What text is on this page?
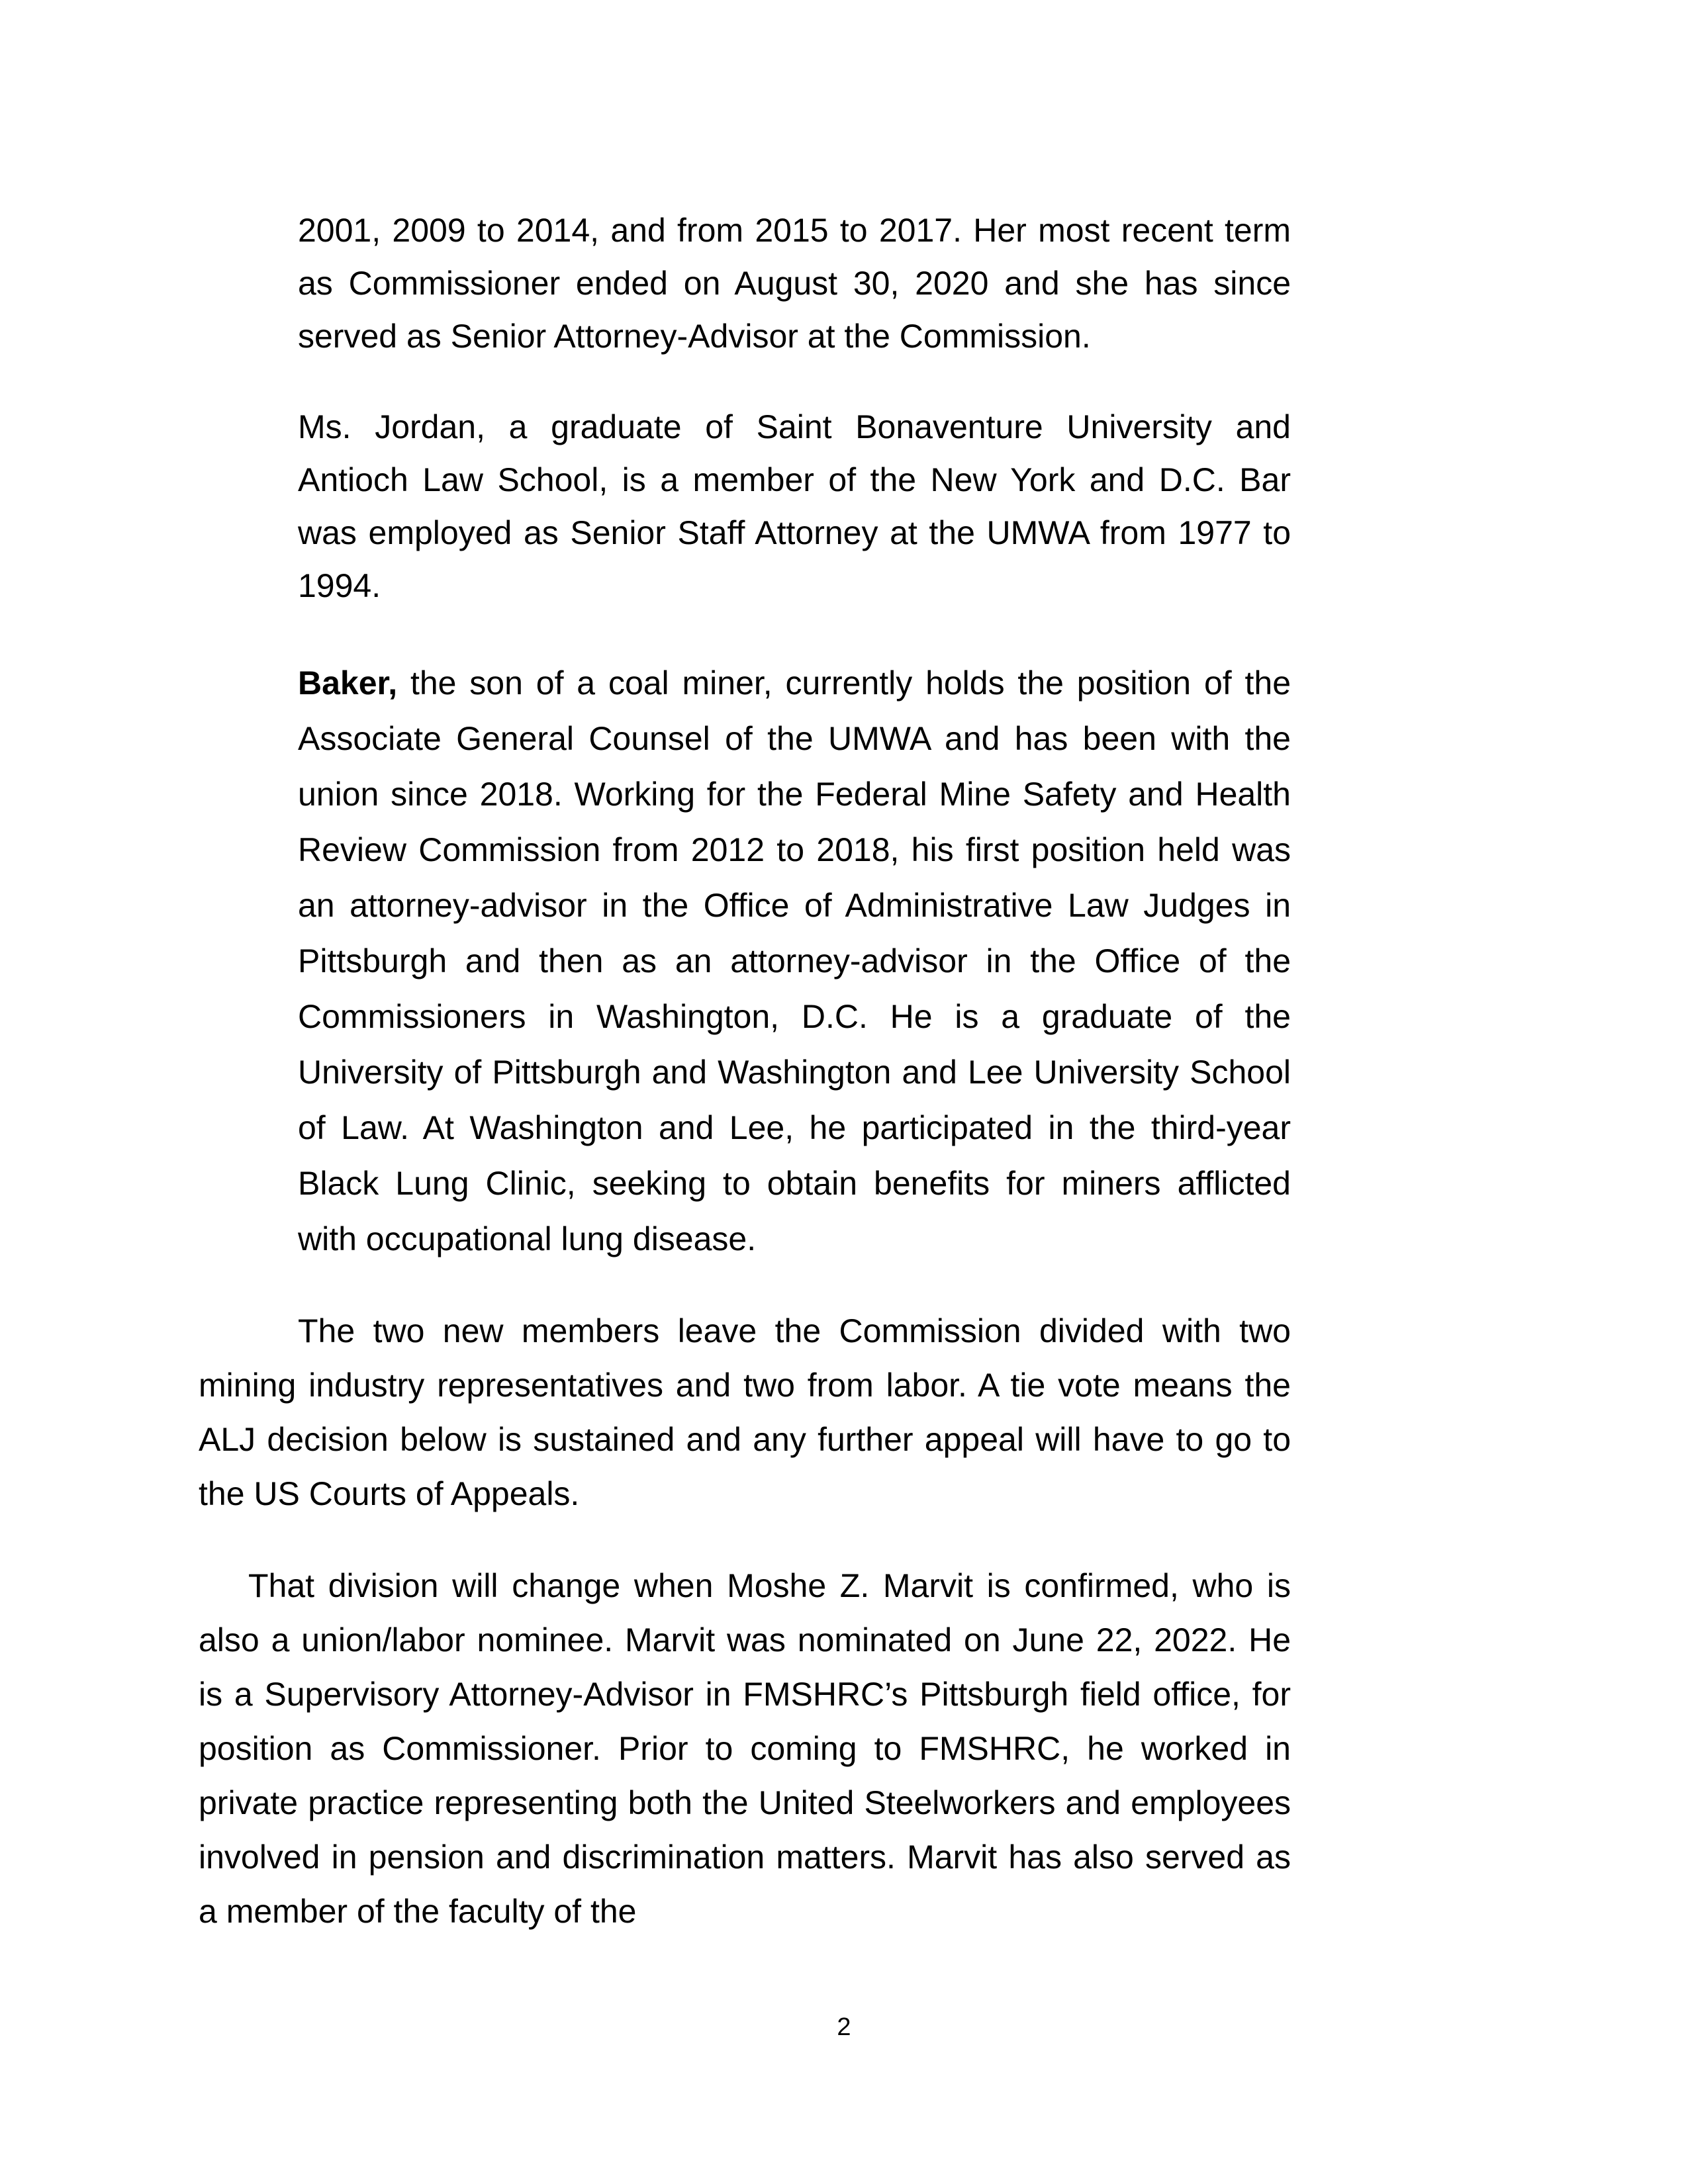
2001, 2009 to 2014, and from 2015 to 2017. Her most recent term as Commissioner ended on August 30, 2020 and she has since served as Senior Attorney-Advisor at the Commission.

Ms. Jordan, a graduate of Saint Bonaventure University and Antioch Law School, is a member of the New York and D.C. Bar was employed as Senior Staff Attorney at the UMWA from 1977 to 1994.

Baker, the son of a coal miner, currently holds the position of the Associate General Counsel of the UMWA and has been with the union since 2018. Working for the Federal Mine Safety and Health Review Commission from 2012 to 2018, his first position held was an attorney-advisor in the Office of Administrative Law Judges in Pittsburgh and then as an attorney-advisor in the Office of the Commissioners in Washington, D.C. He is a graduate of the University of Pittsburgh and Washington and Lee University School of Law. At Washington and Lee, he participated in the third-year Black Lung Clinic, seeking to obtain benefits for miners afflicted with occupational lung disease.

The two new members leave the Commission divided with two mining industry representatives and two from labor. A tie vote means the ALJ decision below is sustained and any further appeal will have to go to the US Courts of Appeals.

That division will change when Moshe Z. Marvit is confirmed, who is also a union/labor nominee. Marvit was nominated on June 22, 2022. He is a Supervisory Attorney-Advisor in FMSHRC’s Pittsburgh field office, for position as Commissioner. Prior to coming to FMSHRC, he worked in private practice representing both the United Steelworkers and employees involved in pension and discrimination matters. Marvit has also served as a member of the faculty of the

2
